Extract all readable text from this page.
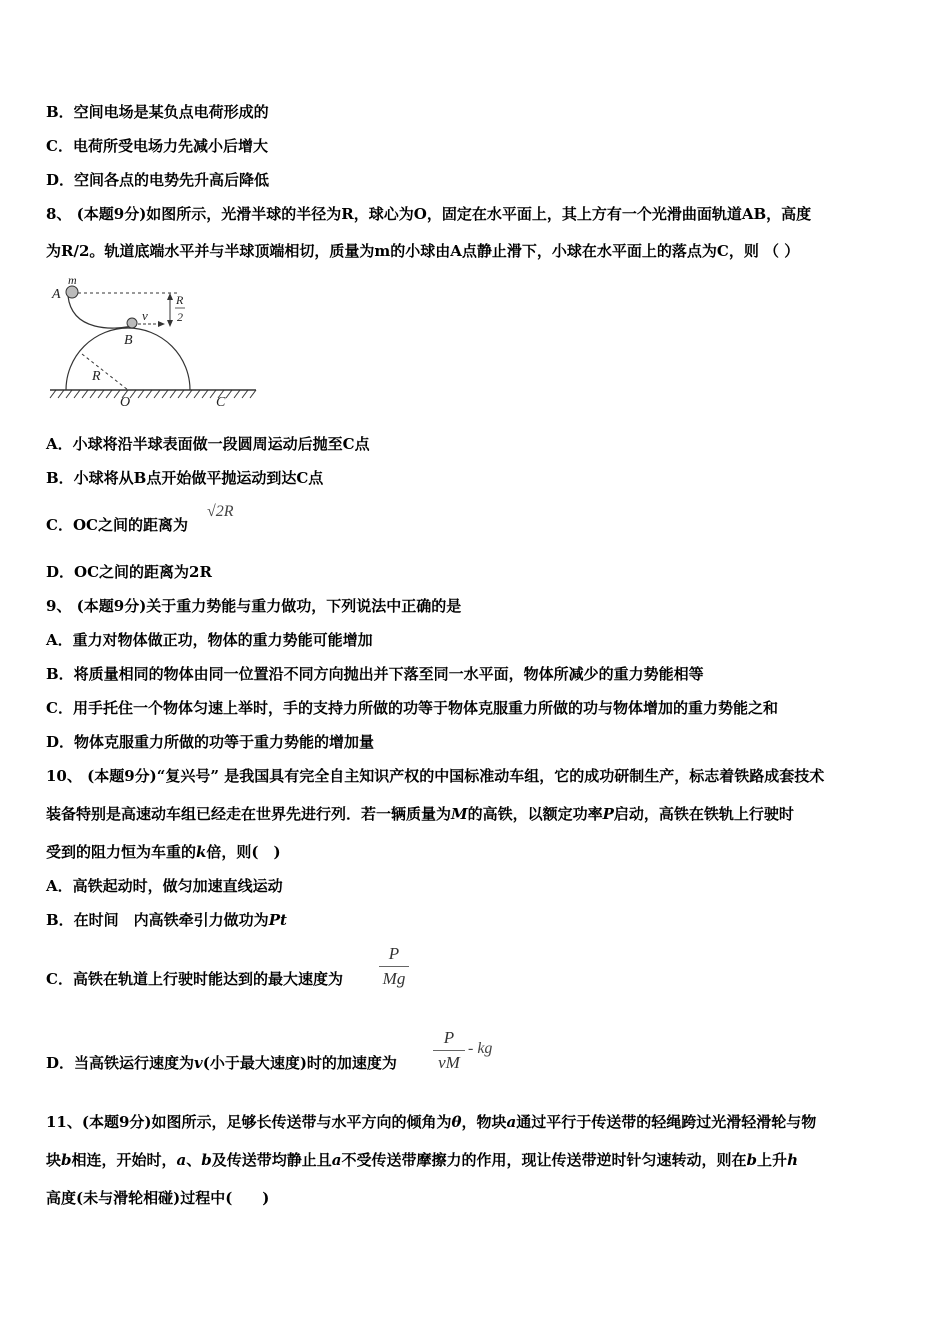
B．空间电场是某负点电荷形成的
C．电荷所受电场力先减小后增大
D．空间各点的电势先升高后降低
8、 (本题9分)如图所示，光滑半球的半径为R，球心为O，固定在水平面上，其上方有一个光滑曲面轨道AB，高度
为R/2。轨道底端水平并与半球顶端相切，质量为m的小球由A点静止滑下，小球在水平面上的落点为C，则 （ ）
m
A
B
v
R
2
R
O	C
A．小球将沿半球表面做一段圆周运动后抛至C点
B．小球将从B点开始做平抛运动到达C点
C．OC之间的距离为
√2R
D．OC之间的距离为2R
9、 (本题9分)关于重力势能与重力做功，下列说法中正确的是
A．重力对物体做正功，物体的重力势能可能增加
B．将质量相同的物体由同一位置沿不同方向抛出并下落至同一水平面，物体所减少的重力势能相等
C．用手托住一个物体匀速上举时，手的支持力所做的功等于物体克服重力所做的功与物体增加的重力势能之和
D．物体克服重力所做的功等于重力势能的增加量
10、 (本题9分)“复兴号” 是我国具有完全自主知识产权的中国标准动车组，它的成功研制生产，标志着铁路成套技术
装备特别是高速动车组已经走在世界先进行列．若一辆质量为M的高铁，以额定功率P启动，高铁在铁轨上行驶时
受到的阻力恒为车重的k倍，则(　)
A．高铁起动时，做匀加速直线运动
B．在时间　内高铁牵引力做功为Pt
C．高铁在轨道上行驶时能达到的最大速度为
P
Mg
D．当高铁运行速度为v(小于最大速度)时的加速度为
P
vM
- kg
11、(本题9分)如图所示，足够长传送带与水平方向的倾角为θ，物块a通过平行于传送带的轻绳跨过光滑轻滑轮与物
块b相连，开始时，a、b及传送带均静止且a不受传送带摩擦力的作用，现让传送带逆时针匀速转动，则在b上升h
高度(未与滑轮相碰)过程中(　　)
